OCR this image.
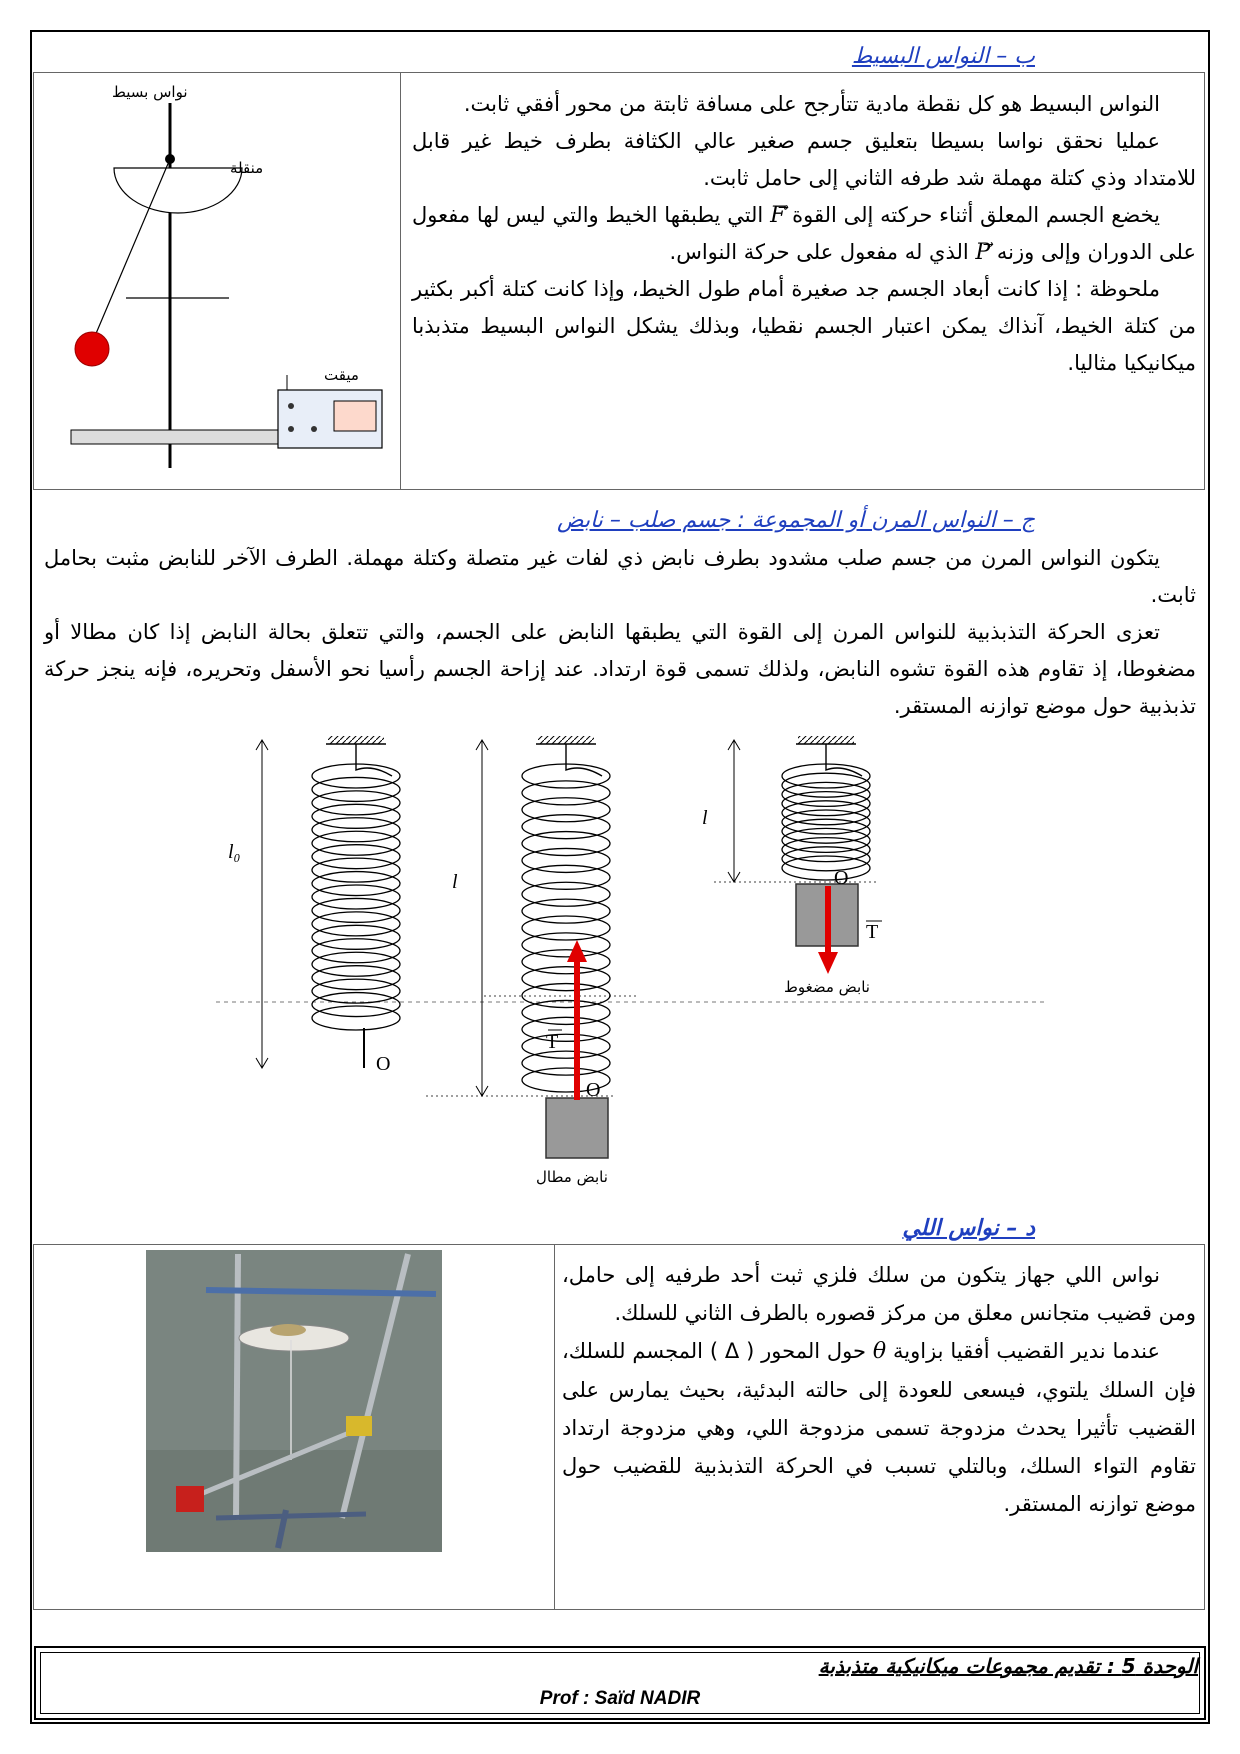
ب – النواس البسيط
نواس بسيط
منقلة
ميقت

النواس البسيط هو كل نقطة مادية تتأرجح على مسافة ثابتة من محور أفقي ثابت.

عمليا نحقق نواسا بسيطا بتعليق جسم صغير عالي الكثافة بطرف خيط غير قابل للامتداد وذي كتلة مهملة شد طرفه الثاني إلى حامل ثابت.

يخضع الجسم المعلق أثناء حركته إلى القوة F التي يطبقها الخيط والتي ليس لها مفعول على الدوران وإلى وزنه P الذي له مفعول على حركة النواس.

ملحوظة : إذا كانت أبعاد الجسم جد صغيرة أمام طول الخيط، وإذا كانت كتلة أكبر بكثير من كتلة الخيط، آنذاك يمكن اعتبار الجسم نقطيا، وبذلك يشكل النواس البسيط متذبذبا ميكانيكيا مثاليا.

ج – النواس المرن أو المجموعة : جسم صلب – نابض

يتكون النواس المرن من جسم صلب مشدود بطرف نابض ذي لفات غير متصلة وكتلة مهملة. الطرف الآخر للنابض مثبت بحامل ثابت.

تعزى الحركة التذبذبية للنواس المرن إلى القوة التي يطبقها النابض على الجسم، والتي تتعلق بحالة النابض إذا كان مطالا أو مضغوطا، إذ تقاوم هذه القوة تشوه النابض، ولذلك تسمى قوة ارتداد. عند إزاحة الجسم رأسيا نحو الأسفل وتحريره، فإنه ينجز حركة تذبذبية حول موضع توازنه المستقر.

O
l₀
l
O
T
نابض مطال
l
O
T
نابض مضغوط
د – نواس اللي

نواس اللي جهاز يتكون من سلك فلزي ثبت أحد طرفيه إلى حامل، ومن قضيب متجانس معلق من مركز قصوره بالطرف الثاني للسلك.

عندما ندير القضيب أفقيا بزاوية θ حول المحور ( Δ ) المجسم للسلك، فإن السلك يلتوي، فيسعى للعودة إلى حالته البدئية، بحيث يمارس على القضيب تأثيرا يحدث مزدوجة تسمى مزدوجة اللي، وهي مزدوجة ارتداد تقاوم التواء السلك، وبالتلي تسبب في الحركة التذبذبية للقضيب حول موضع توازنه المستقر.

الوحدة 5 : تقديم مجموعات ميكانيكية متذبذبة
Prof : Saïd NADIR
